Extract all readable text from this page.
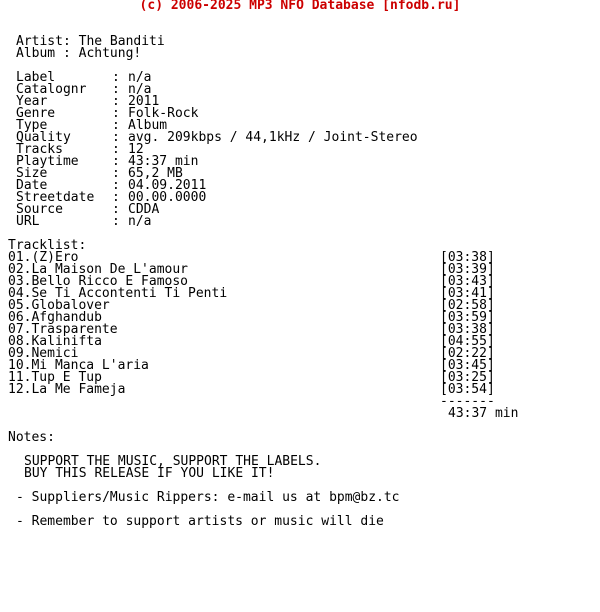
(c) 2006-2025 MP3 NFO Database [nfodb.ru]
Artist: The Banditi
Album : Achtung!
Label	: n/a
Catalognr : n/a
Year	: 2011
Genre	: Folk-Rock
Type	: Album
Quality	: avg. 209kbps / 44,1kHz / Joint-Stereo
Tracks	: 12
Playtime	: 43:37 min
Size	: 65,2 MB
Date	: 04.09.2011
Streetdate : 00.00.0000
Source	: CDDA
URL	: n/a
Tracklist:
01.(Z)Ero	[03:38]
02.La Maison De L'amour	[03:39]
03.Bello Ricco E Famoso	[03:43]
04.Se Ti Accontenti Ti Penti	[03:41]
05.Globalover	[02:58]
06.Afghandub	[03:59]
07.Trasparente	[03:38]
08.Kalinifta	[04:55]
09.Nemici	[02:22]
10.Mi Manca L'aria	[03:45]
11.Tup E Tup	[03:25]
12.La Me Fameja	[03:54]
-------
43:37 min
Notes:
SUPPORT THE MUSIC, SUPPORT THE LABELS.
BUY THIS RELEASE IF YOU LIKE IT!
- Suppliers/Music Rippers: e-mail us at bpm@bz.tc
- Remember to support artists or music will die
